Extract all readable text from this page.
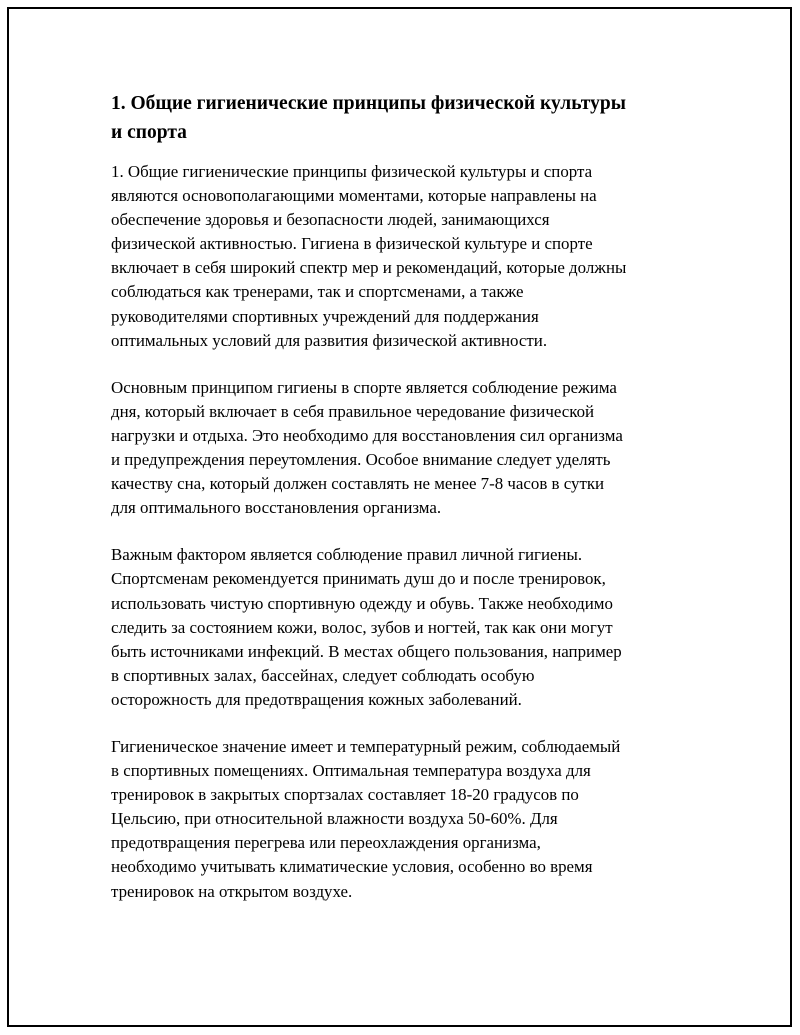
1. Общие гигиенические принципы физической культуры
и спорта

1. Общие гигиенические принципы физической культуры и спорта
являются основополагающими моментами, которые направлены на
обеспечение здоровья и безопасности людей, занимающихся
физической активностью. Гигиена в физической культуре и спорте
включает в себя широкий спектр мер и рекомендаций, которые должны
соблюдаться как тренерами, так и спортсменами, а также
руководителями спортивных учреждений для поддержания
оптимальных условий для развития физической активности.

Основным принципом гигиены в спорте является соблюдение режима
дня, который включает в себя правильное чередование физической
нагрузки и отдыха. Это необходимо для восстановления сил организма
и предупреждения переутомления. Особое внимание следует уделять
качеству сна, который должен составлять не менее 7-8 часов в сутки
для оптимального восстановления организма.

Важным фактором является соблюдение правил личной гигиены.
Спортсменам рекомендуется принимать душ до и после тренировок,
использовать чистую спортивную одежду и обувь. Также необходимо
следить за состоянием кожи, волос, зубов и ногтей, так как они могут
быть источниками инфекций. В местах общего пользования, например
в спортивных залах, бассейнах, следует соблюдать особую
осторожность для предотвращения кожных заболеваний.

Гигиеническое значение имеет и температурный режим, соблюдаемый
в спортивных помещениях. Оптимальная температура воздуха для
тренировок в закрытых спортзалах составляет 18-20 градусов по
Цельсию, при относительной влажности воздуха 50-60%. Для
предотвращения перегрева или переохлаждения организма,
необходимо учитывать климатические условия, особенно во время
тренировок на открытом воздухе.
